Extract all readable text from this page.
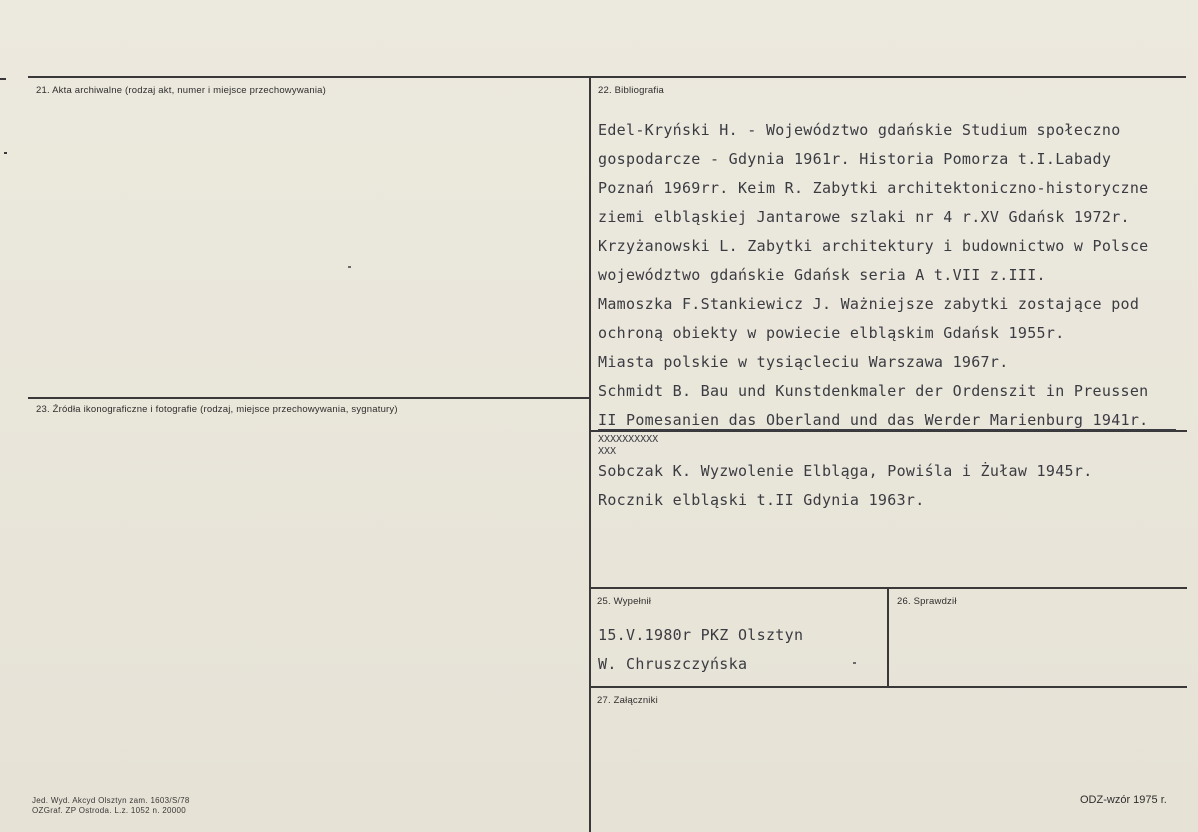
21. Akta archiwalne (rodzaj akt, numer i miejsce przechowywania)	22. Bibliografia
23. Źródła ikonograficzne i fotografie (rodzaj, miejsce przechowywania, sygnatury)
25. Wypełnił	26. Sprawdził
27. Załączniki
Edel-Kryński H. - Województwo gdańskie Studium społeczno
gospodarcze - Gdynia 1961r. Historia Pomorza t.I.Labady
Poznań 1969rr. Keim R. Zabytki architektoniczno-historyczne
ziemi elbląskiej Jantarowe szlaki nr 4 r.XV Gdańsk 1972r.
Krzyżanowski L. Zabytki architektury i budownictwo w Polsce
województwo gdańskie Gdańsk seria A t.VII z.III.
Mamoszka F.Stankiewicz J. Ważniejsze zabytki zostające pod
ochroną obiekty w powiecie elbląskim Gdańsk 1955r.
Miasta polskie w tysiącleciu Warszawa 1967r.
Schmidt B. Bau und Kunstdenkmaler der Ordenszit in Preussen
II Pomesanien das Oberland und das Werder Marienburg 1941r.
XXXXXXXXXX
XXX
Sobczak K. Wyzwolenie Elbląga, Powiśla i Żuław 1945r.
Rocznik elbląski t.II Gdynia 1963r.
15.V.1980r PKZ Olsztyn
W. Chruszczyńska
Jed. Wyd. Akcyd Olsztyn zam. 1603/S/78
OZGraf. ZP Ostroda. L.z. 1052 n. 20000
ODZ-wzór 1975 r.
